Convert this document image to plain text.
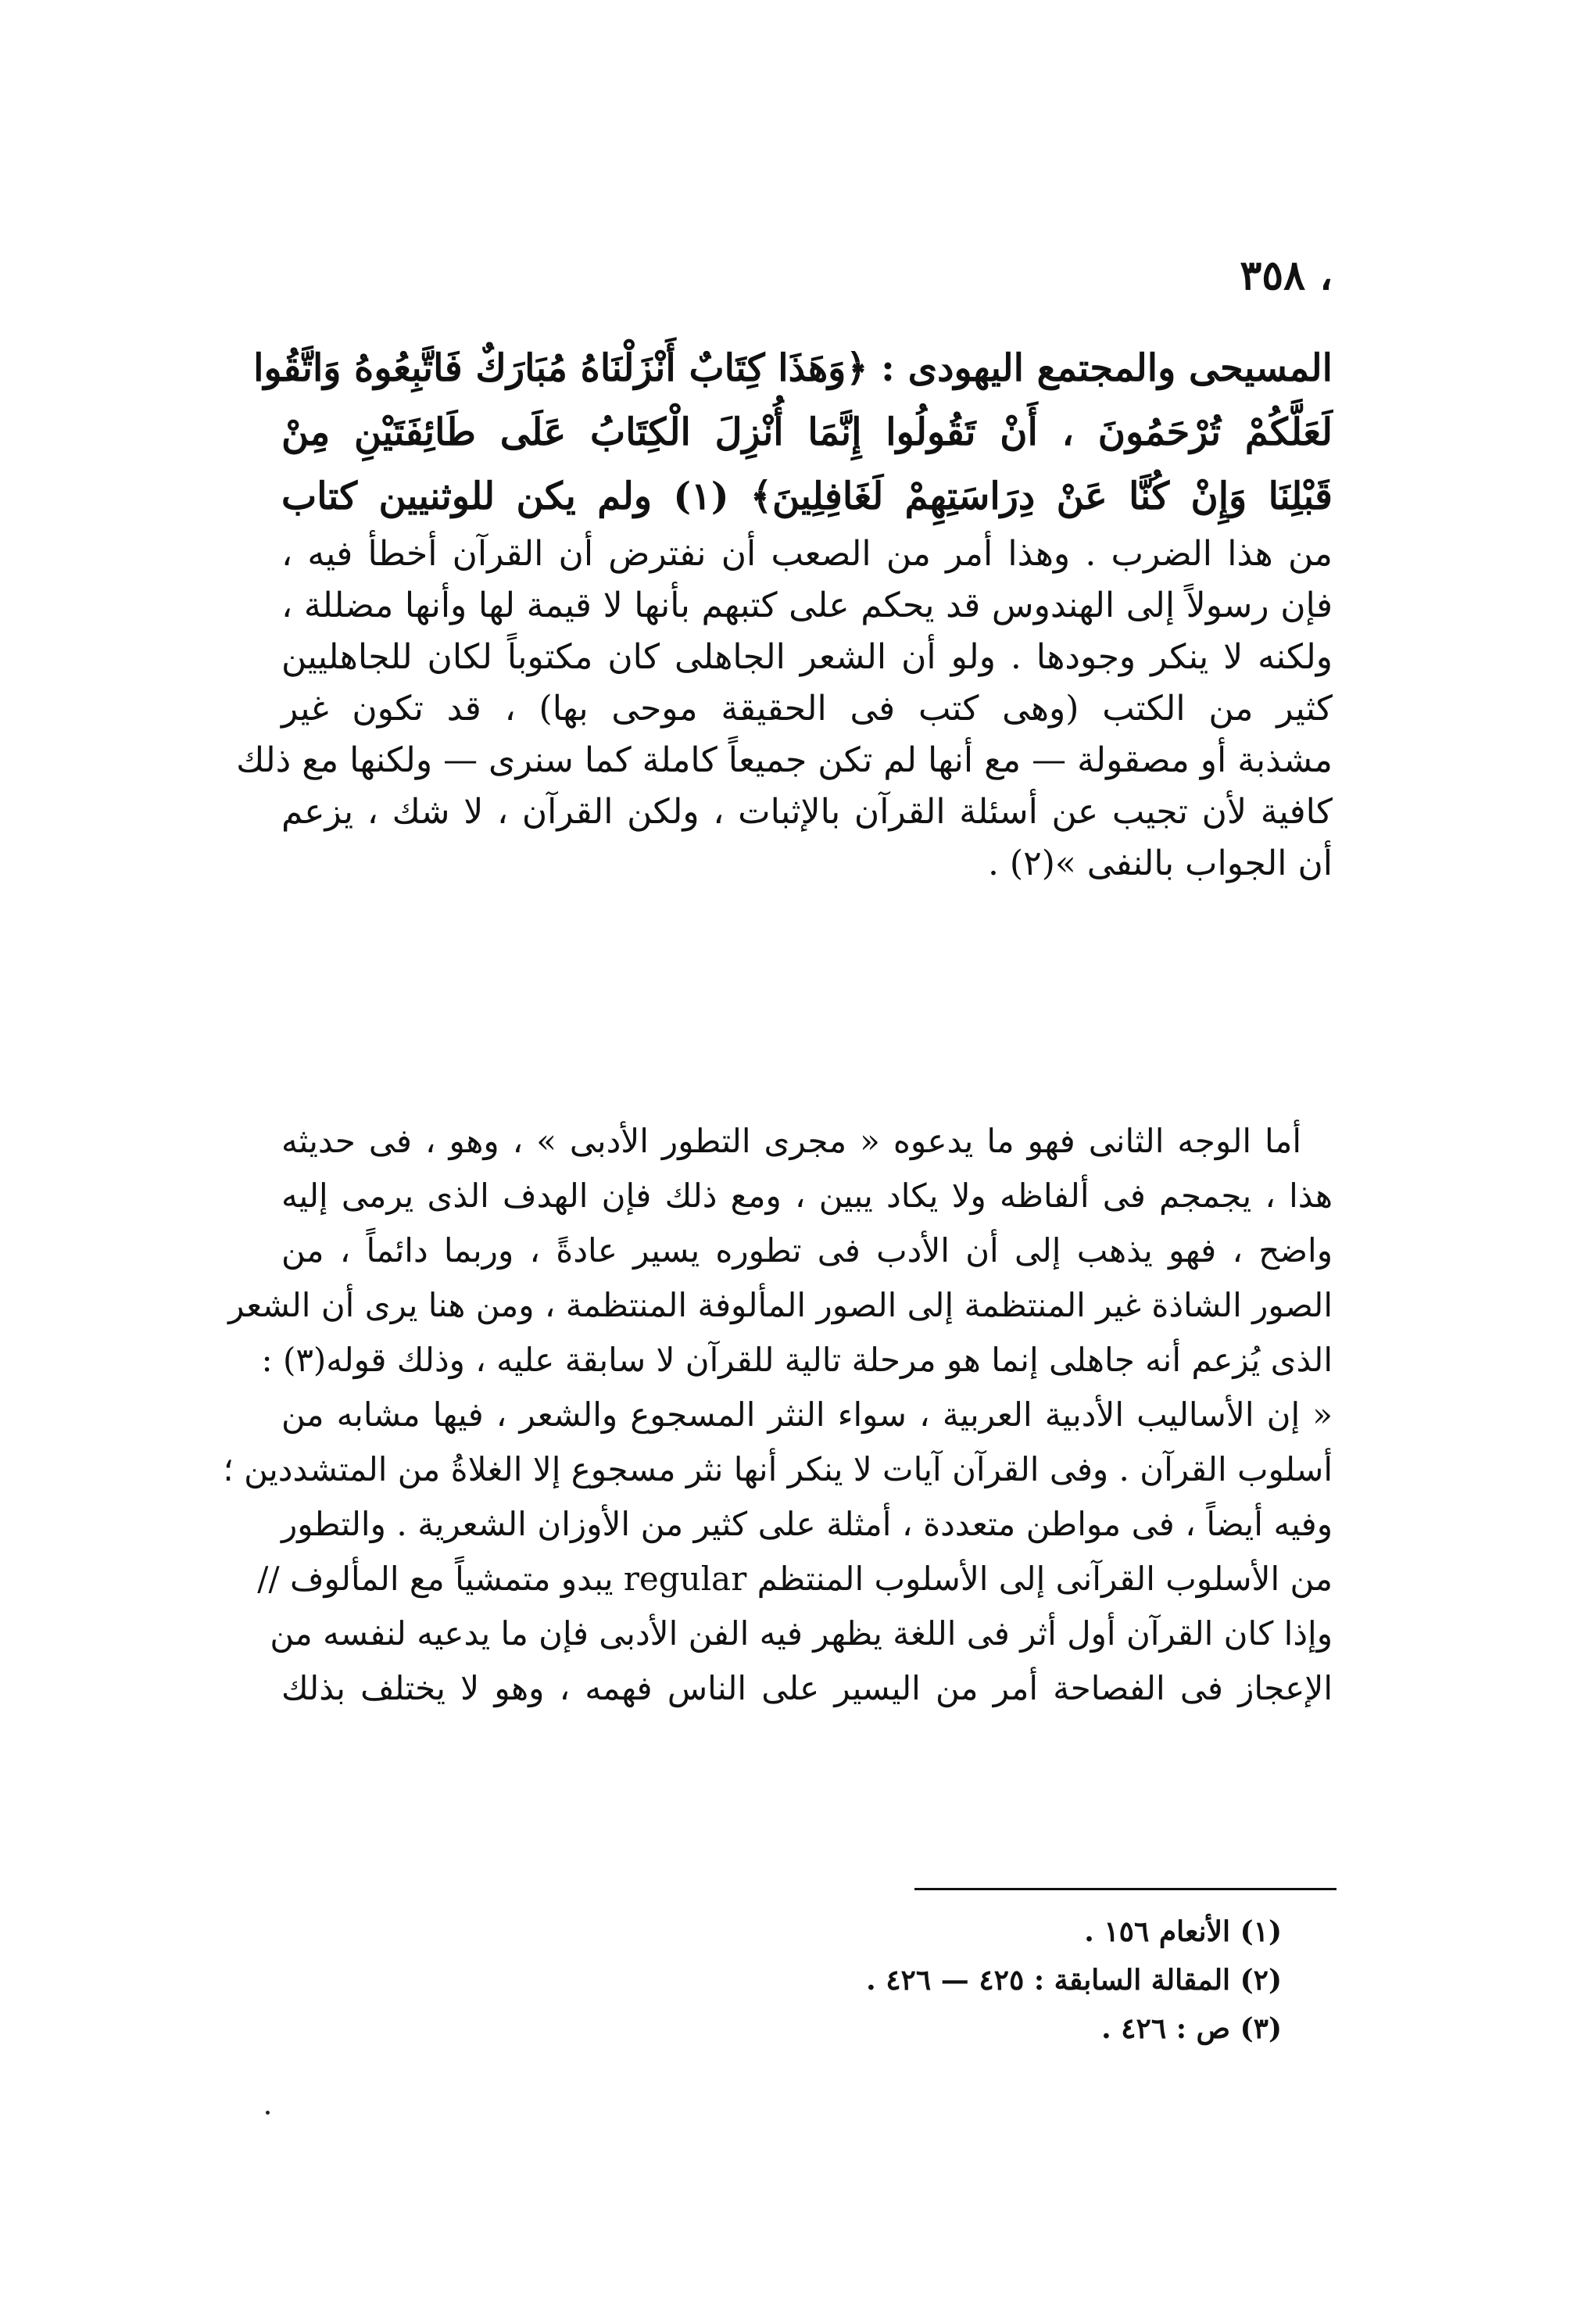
، ٣٥٨
المسيحى والمجتمع اليهودى : ﴿وَهَذَا كِتَابٌ أَنْزَلْنَاهُ مُبَارَكٌ فَاتَّبِعُوهُ وَاتَّقُوا
لَعَلَّكُمْ تُرْحَمُونَ ، أَنْ تَقُولُوا إِنَّمَا أُنْزِلَ الْكِتَابُ عَلَى طَائِفَتَيْنِ مِنْ
قَبْلِنَا وَإِنْ كُنَّا عَنْ دِرَاسَتِهِمْ لَغَافِلِينَ﴾ (١) ولم يكن للوثنيين كتاب
من هذا الضرب . وهذا أمر من الصعب أن نفترض أن القرآن أخطأ فيه ،
فإن رسولاً إلى الهندوس قد يحكم على كتبهم بأنها لا قيمة لها وأنها مضللة ،
ولكنه لا ينكر وجودها . ولو أن الشعر الجاهلى كان مكتوباً لكان للجاهليين
كثير من الكتب (وهى كتب فى الحقيقة موحى بها) ، قد تكون غير
مشذبة أو مصقولة — مع أنها لم تكن جميعاً كاملة كما سنرى — ولكنها مع ذلك
كافية لأن تجيب عن أسئلة القرآن بالإثبات ، ولكن القرآن ، لا شك ، يزعم
أن الجواب بالنفى »(٢) .
أما الوجه الثانى فهو ما يدعوه « مجرى التطور الأدبى » ، وهو ، فى حديثه
هذا ، يجمجم فى ألفاظه ولا يكاد يبين ، ومع ذلك فإن الهدف الذى يرمى إليه
واضح ، فهو يذهب إلى أن الأدب فى تطوره يسير عادةً ، وربما دائماً ، من
الصور الشاذة غير المنتظمة إلى الصور المألوفة المنتظمة ، ومن هنا يرى أن الشعر
الذى يُزعم أنه جاهلى إنما هو مرحلة تالية للقرآن لا سابقة عليه ، وذلك قوله(٣) :
« إن الأساليب الأدبية العربية ، سواء النثر المسجوع والشعر ، فيها مشابه من
أسلوب القرآن . وفى القرآن آيات لا ينكر أنها نثر مسجوع إلا الغلاةُ من المتشددين ؛
وفيه أيضاً ، فى مواطن متعددة ، أمثلة على كثير من الأوزان الشعرية . والتطور
من الأسلوب القرآنى إلى الأسلوب المنتظم regular يبدو متمشياً مع المألوف //
وإذا كان القرآن أول أثر فى اللغة يظهر فيه الفن الأدبى فإن ما يدعيه لنفسه من
الإعجاز فى الفصاحة أمر من اليسير على الناس فهمه ، وهو لا يختلف بذلك
(١) الأنعام ١٥٦ .
(٢) المقالة السابقة : ٤٢٥ — ٤٢٦ .
(٣) ص : ٤٢٦ .
